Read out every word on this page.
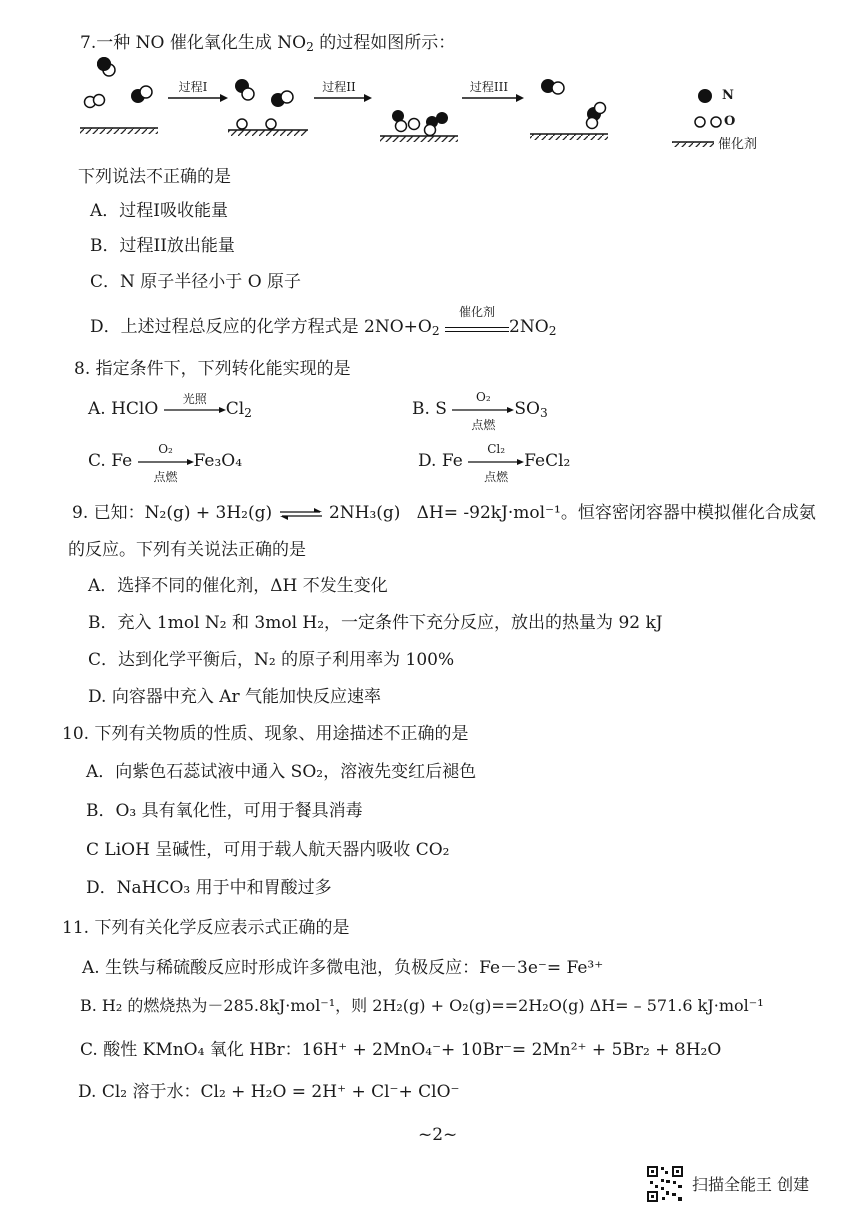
7.一种 NO 催化氧化生成 $NO_2$ 的过程如图所示：
过程I	过程II	过程III
N
O
催化剂
下列说法不正确的是
A．过程I吸收能量
B．过程II放出能量
C．N 原子半径小于 O 原子
D．上述过程总反应的化学方程式是 $2NO+O_2$
催化剂
$2NO_2$
8. 指定条件下，下列转化能实现的是
A. HClO
光照
$Cl_2$	B. S
O₂
点燃
$SO_3$
C. Fe
O₂
点燃
Fe₃O₄	D. Fe
Cl₂
点燃
FeCl₂
9. 已知：N₂(g) + 3H₂(g) ⇌ 2NH₃(g) ΔH= -92kJ·mol⁻¹。恒容密闭容器中模拟催化合成氨
的反应。下列有关说法正确的是
A．选择不同的催化剂，ΔH 不发生变化
B．充入 1mol N₂ 和 3mol H₂，一定条件下充分反应，放出的热量为 92 kJ
C．达到化学平衡后，N₂ 的原子利用率为 100%
D. 向容器中充入 Ar 气能加快反应速率
10. 下列有关物质的性质、现象、用途描述不正确的是
A．向紫色石蕊试液中通入 SO₂，溶液先变红后褪色
B．O₃ 具有氧化性，可用于餐具消毒
C LiOH 呈碱性，可用于载人航天器内吸收 CO₂
D．NaHCO₃ 用于中和胃酸过多
11. 下列有关化学反应表示式正确的是
A. 生铁与稀硫酸反应时形成许多微电池，负极反应：Fe－3e⁻= Fe³⁺
B. H₂ 的燃烧热为－285.8kJ·mol⁻¹，则 2H₂(g) + O₂(g)==2H₂O(g) ΔH= – 571.6 kJ·mol⁻¹
C. 酸性 KMnO₄ 氧化 HBr：16H⁺ + 2MnO₄⁻+ 10Br⁻= 2Mn²⁺ + 5Br₂ + 8H₂O
D. Cl₂ 溶于水：Cl₂ + H₂O = 2H⁺ + Cl⁻+ ClO⁻
~2~
扫描全能王 创建
